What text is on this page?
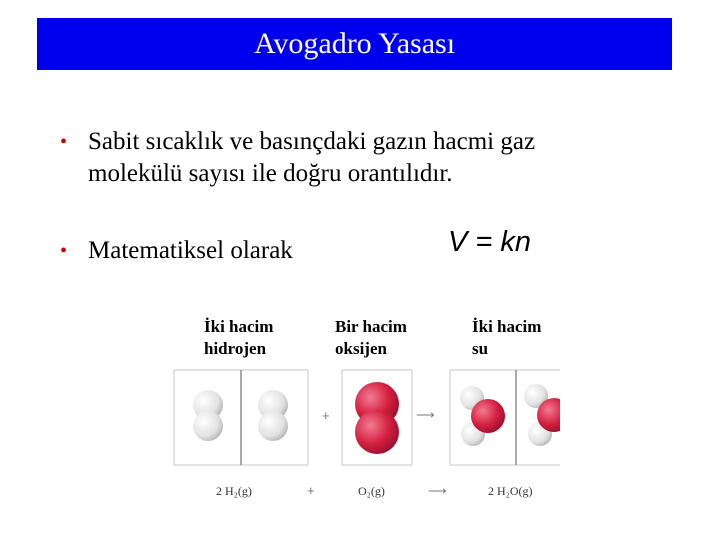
Avogadro Yasası
• Sabit sıcaklık ve basınçdaki gazın hacmi gaz
molekülü sayısı ile doğru orantılıdır.
• Matematiksel olarak	V = kn
İki hacim
hidrojen
Bir hacim
oksijen
İki hacim
su
+	⟶
2 H₂(g)	+	O₂(g)	⟶	2 H₂O(g)
